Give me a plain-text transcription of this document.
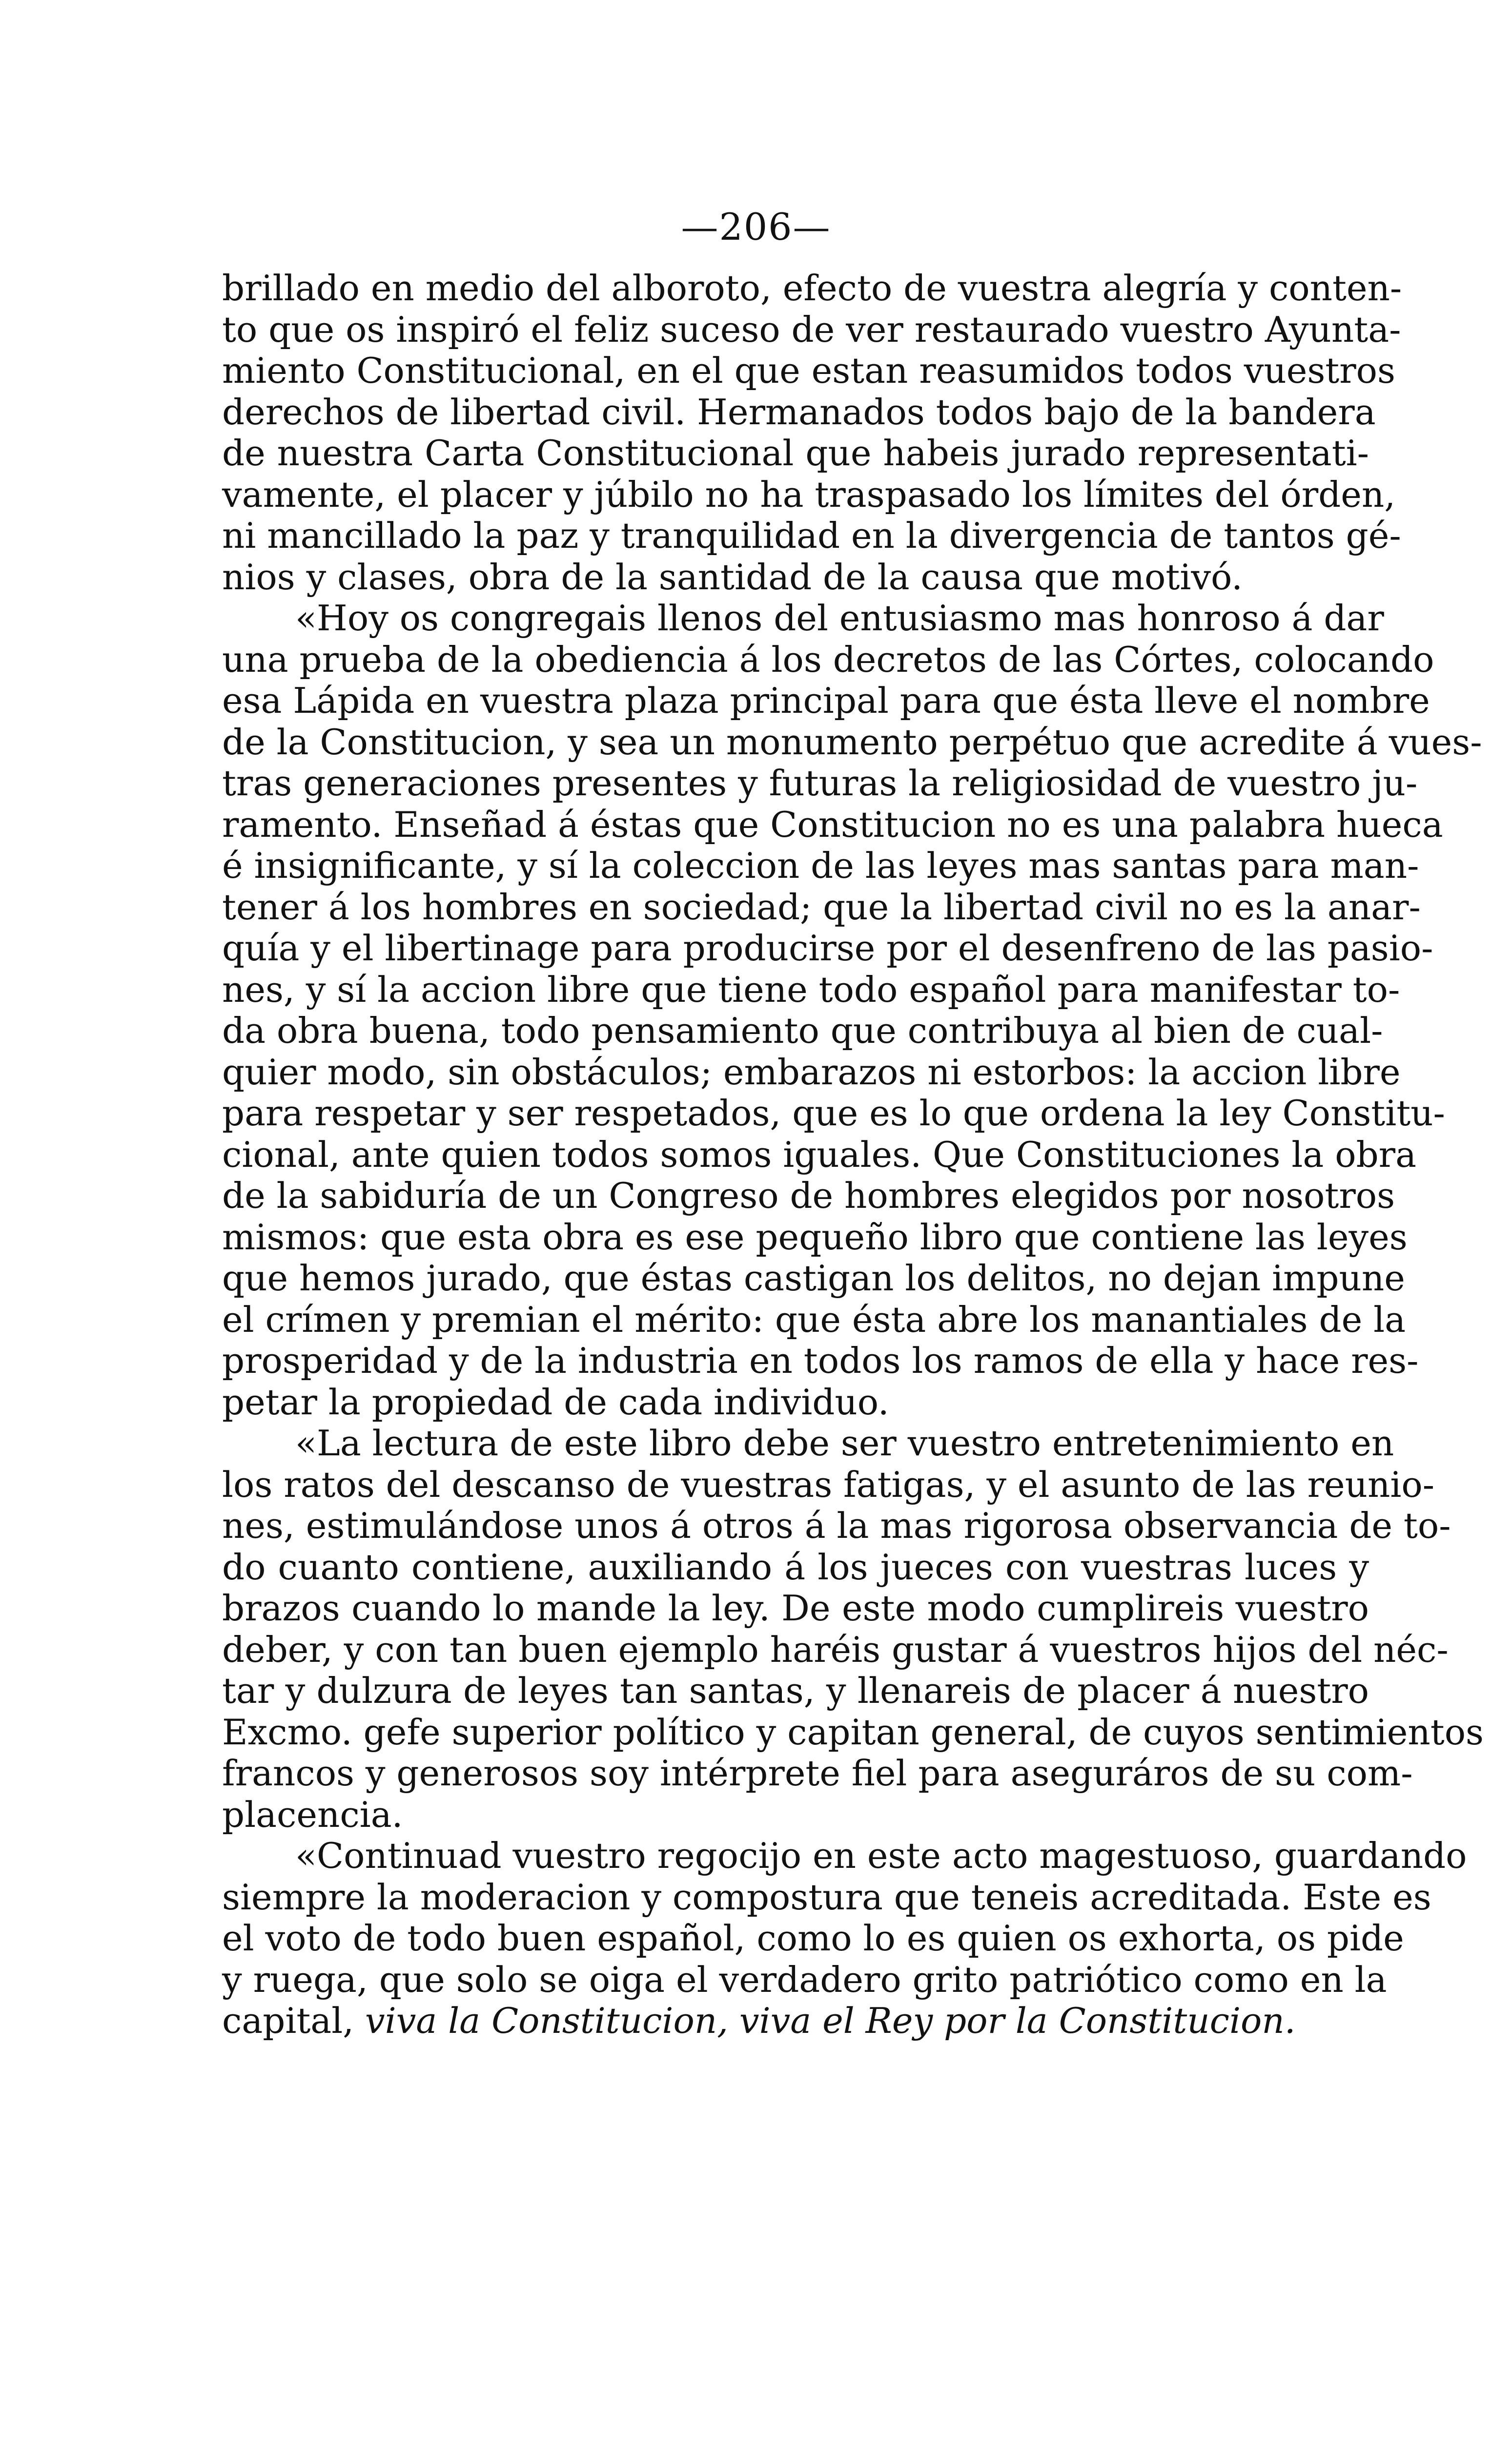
—206—
brillado en medio del alboroto, efecto de vuestra alegría y conten-
to que os inspiró el feliz suceso de ver restaurado vuestro Ayunta-
miento Constitucional, en el que estan reasumidos todos vuestros
derechos de libertad civil. Hermanados todos bajo de la bandera
de nuestra Carta Constitucional que habeis jurado representati-
vamente, el placer y júbilo no ha traspasado los límites del órden,
ni mancillado la paz y tranquilidad en la divergencia de tantos gé-
nios y clases, obra de la santidad de la causa que motivó.
«Hoy os congregais llenos del entusiasmo mas honroso á dar
una prueba de la obediencia á los decretos de las Córtes, colocando
esa Lápida en vuestra plaza principal para que ésta lleve el nombre
de la Constitucion, y sea un monumento perpétuo que acredite á vues-
tras generaciones presentes y futuras la religiosidad de vuestro ju-
ramento. Enseñad á éstas que Constitucion no es una palabra hueca
é insignificante, y sí la coleccion de las leyes mas santas para man-
tener á los hombres en sociedad; que la libertad civil no es la anar-
quía y el libertinage para producirse por el desenfreno de las pasio-
nes, y sí la accion libre que tiene todo español para manifestar to-
da obra buena, todo pensamiento que contribuya al bien de cual-
quier modo, sin obstáculos; embarazos ni estorbos: la accion libre
para respetar y ser respetados, que es lo que ordena la ley Constitu-
cional, ante quien todos somos iguales. Que Constituciones la obra
de la sabiduría de un Congreso de hombres elegidos por nosotros
mismos: que esta obra es ese pequeño libro que contiene las leyes
que hemos jurado, que éstas castigan los delitos, no dejan impune
el crímen y premian el mérito: que ésta abre los manantiales de la
prosperidad y de la industria en todos los ramos de ella y hace res-
petar la propiedad de cada individuo.
«La lectura de este libro debe ser vuestro entretenimiento en
los ratos del descanso de vuestras fatigas, y el asunto de las reunio-
nes, estimulándose unos á otros á la mas rigorosa observancia de to-
do cuanto contiene, auxiliando á los jueces con vuestras luces y
brazos cuando lo mande la ley. De este modo cumplireis vuestro
deber, y con tan buen ejemplo haréis gustar á vuestros hijos del néc-
tar y dulzura de leyes tan santas, y llenareis de placer á nuestro
Excmo. gefe superior político y capitan general, de cuyos sentimientos
francos y generosos soy intérprete fiel para aseguráros de su com-
placencia.
«Continuad vuestro regocijo en este acto magestuoso, guardando
siempre la moderacion y compostura que teneis acreditada. Este es
el voto de todo buen español, como lo es quien os exhorta, os pide
y ruega, que solo se oiga el verdadero grito patriótico como en la
capital, viva la Constitucion, viva el Rey por la Constitucion.
